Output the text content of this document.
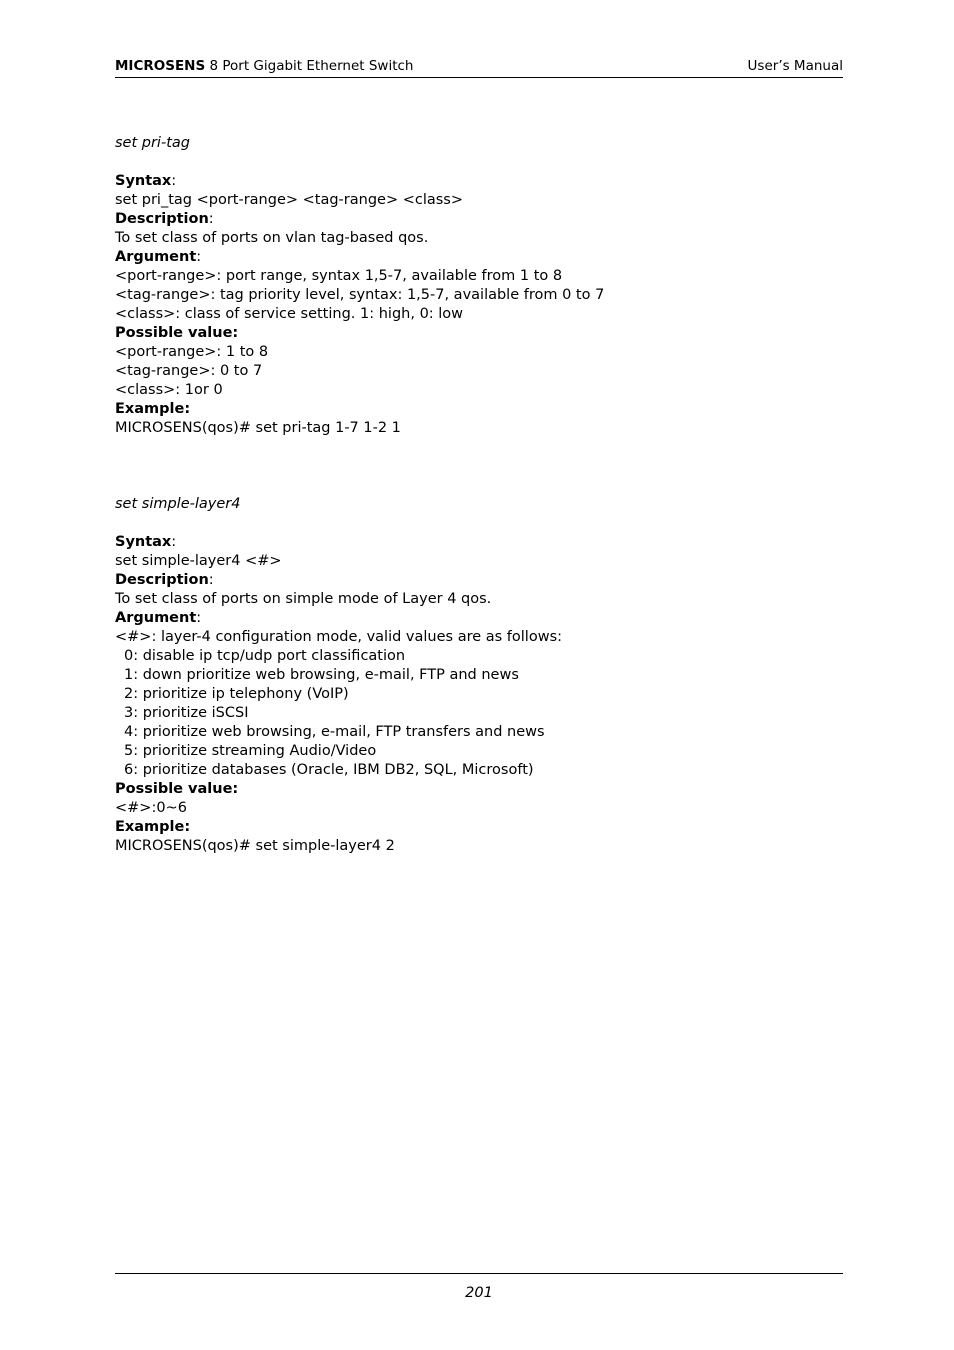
MICROSENS 8 Port Gigabit Ethernet Switch	User’s Manual
set pri-tag
Syntax:
set pri_tag <port-range> <tag-range> <class>
Description:
To set class of ports on vlan tag-based qos.
Argument:
<port-range>: port range, syntax 1,5-7, available from 1 to 8
<tag-range>: tag priority level, syntax: 1,5-7, available from 0 to 7
<class>: class of service setting. 1: high, 0: low
Possible value:
<port-range>: 1 to 8
<tag-range>: 0 to 7
<class>: 1or 0
Example:
MICROSENS(qos)# set pri-tag 1-7 1-2 1
set simple-layer4
Syntax:
set simple-layer4 <#>
Description:
To set class of ports on simple mode of Layer 4 qos.
Argument:
<#>: layer-4 configuration mode, valid values are as follows:
0: disable ip tcp/udp port classification
1: down prioritize web browsing, e-mail, FTP and news
2: prioritize ip telephony (VoIP)
3: prioritize iSCSI
4: prioritize web browsing, e-mail, FTP transfers and news
5: prioritize streaming Audio/Video
6: prioritize databases (Oracle, IBM DB2, SQL, Microsoft)
Possible value:
<#>:0~6
Example:
MICROSENS(qos)# set simple-layer4 2
201
